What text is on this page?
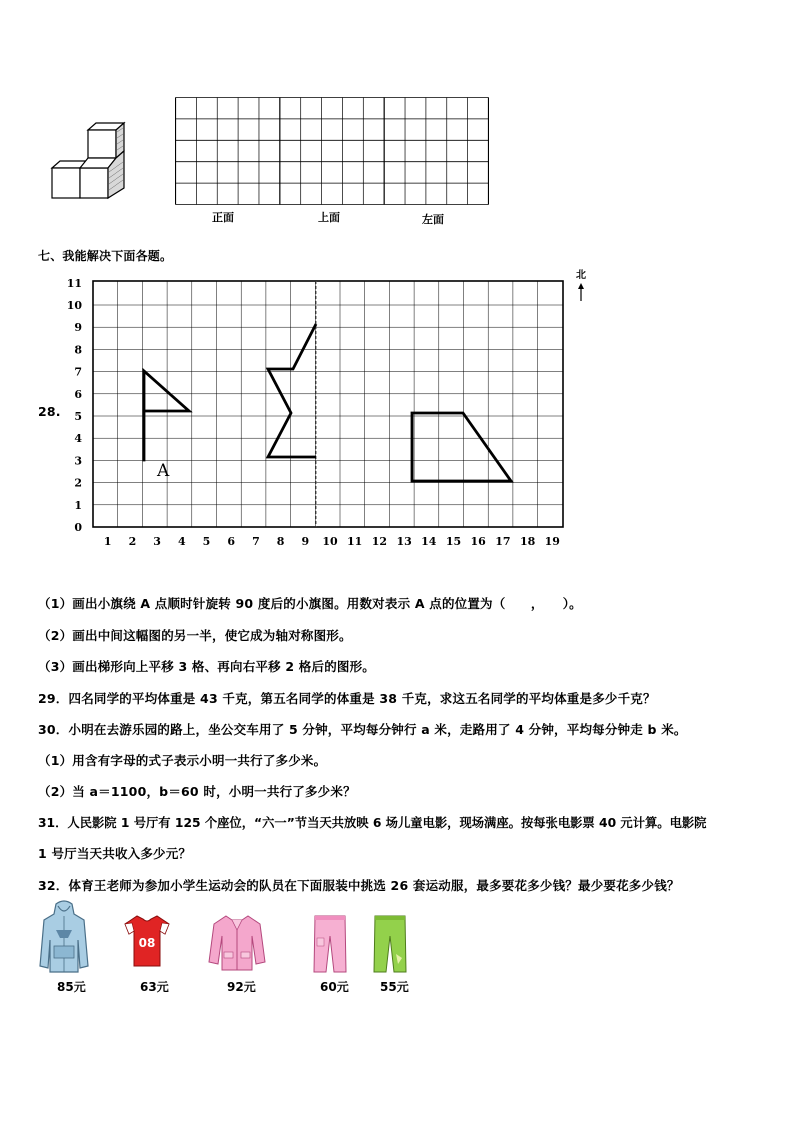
正面	上面	左面
七、我能解决下面各题。
28.
0
1
2
3
4
5
6
7
8
9
10
11
1 2 3 4 5 6 7 8 9 10 11 12 13 14 15 16 17 18 19
A
北
（1）画出小旗绕 A 点顺时针旋转 90 度后的小旗图。用数对表示 A 点的位置为（　　，　　）。
（2）画出中间这幅图的另一半，使它成为轴对称图形。
（3）画出梯形向上平移 3 格、再向右平移 2 格后的图形。
29．四名同学的平均体重是 43 千克，第五名同学的体重是 38 千克，求这五名同学的平均体重是多少千克？
30．小明在去游乐园的路上，坐公交车用了 5 分钟，平均每分钟行 a 米，走路用了 4 分钟，平均每分钟走 b 米。
（1）用含有字母的式子表示小明一共行了多少米。
（2）当 a＝1100，b＝60 时，小明一共行了多少米？
31．人民影院 1 号厅有 125 个座位，“六一”节当天共放映 6 场儿童电影，现场满座。按每张电影票 40 元计算。电影院
1 号厅当天共收入多少元？
32．体育王老师为参加小学生运动会的队员在下面服装中挑选 26 套运动服，最多要花多少钱？最少要花多少钱？
08
85元	63元	92元	60元	55元
